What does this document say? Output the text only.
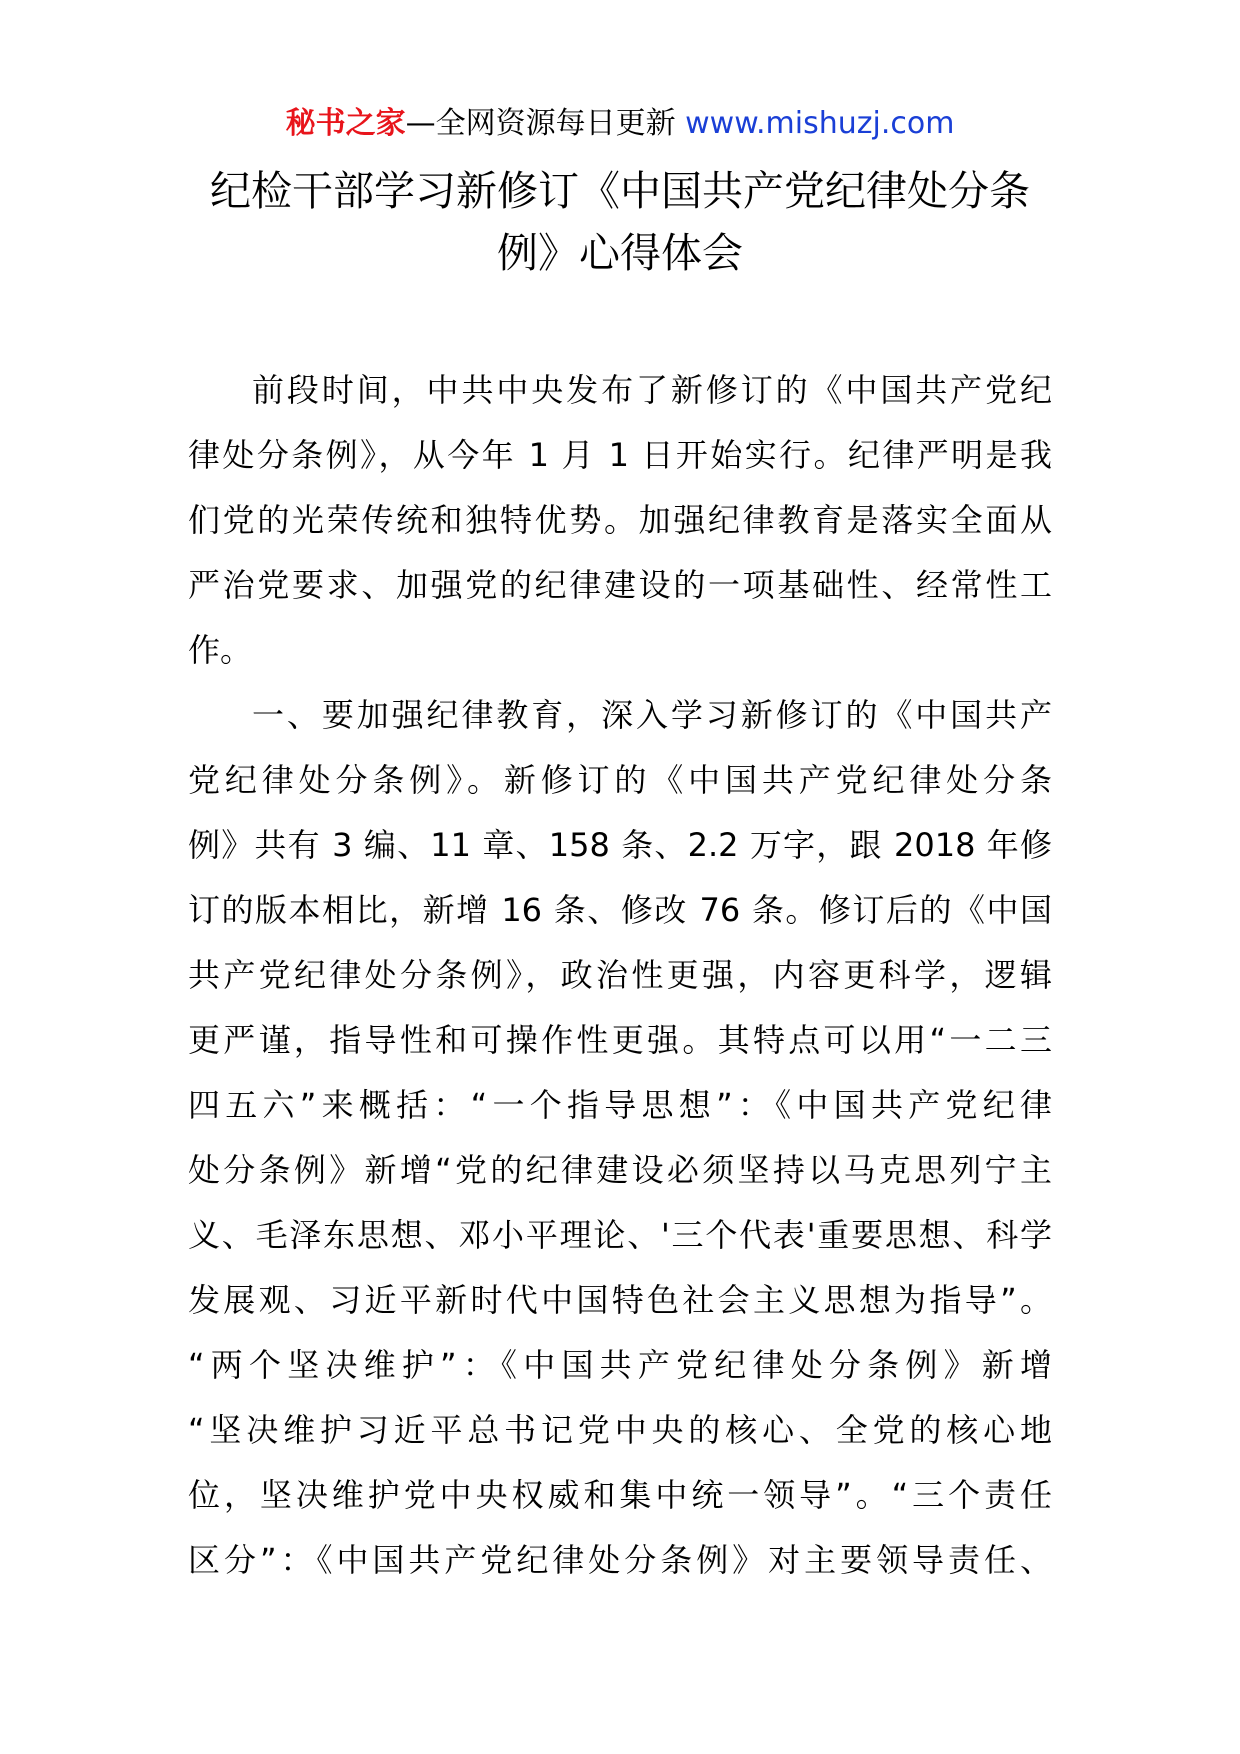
秘书之家—全网资源每日更新 www.mishuzj.com
纪检干部学习新修订《中国共产党纪律处分条
例》心得体会
前段时间，中共中央发布了新修订的《中国共产党纪
律处分条例》，从今年 1 月 1 日开始实行。纪律严明是我
们党的光荣传统和独特优势。加强纪律教育是落实全面从
严治党要求、加强党的纪律建设的一项基础性、经常性工
作。
一、要加强纪律教育，深入学习新修订的《中国共产
党纪律处分条例》。新修订的《中国共产党纪律处分条
例》共有 3 编、11 章、158 条、2.2 万字，跟 2018 年修
订的版本相比，新增 16 条、修改 76 条。修订后的《中国
共产党纪律处分条例》，政治性更强，内容更科学，逻辑
更严谨，指导性和可操作性更强。其特点可以用“一二三
四五六”来概括：“一个指导思想”：《中国共产党纪律
处分条例》新增“党的纪律建设必须坚持以马克思列宁主
义、毛泽东思想、邓小平理论、'三个代表'重要思想、科学
发展观、习近平新时代中国特色社会主义思想为指导”。
“两个坚决维护”：《中国共产党纪律处分条例》新增
“坚决维护习近平总书记党中央的核心、全党的核心地
位，坚决维护党中央权威和集中统一领导”。“三个责任
区分”：《中国共产党纪律处分条例》对主要领导责任、
